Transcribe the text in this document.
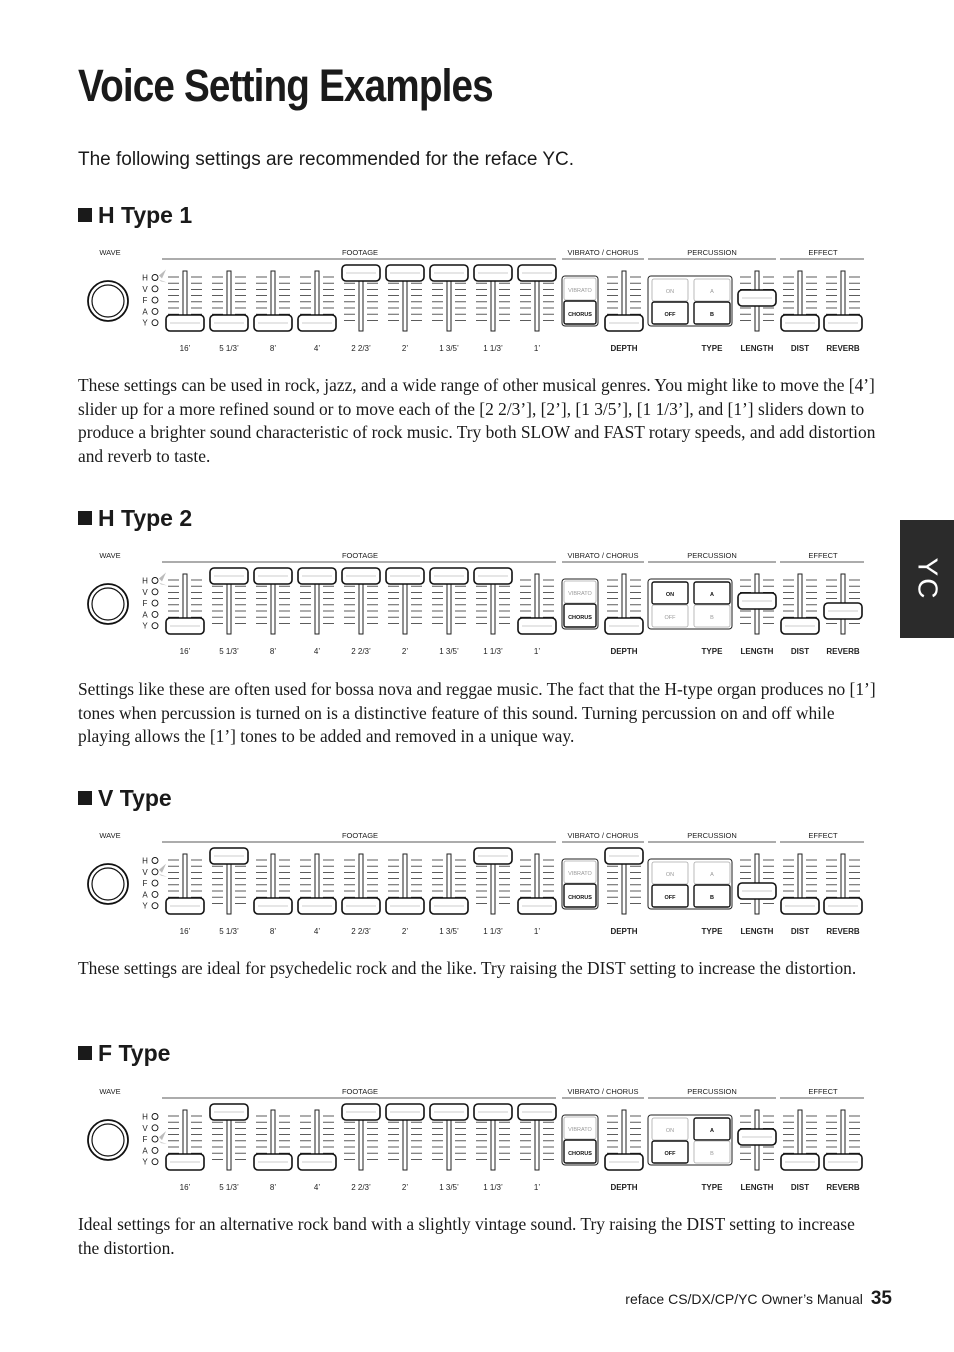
Voice Setting Examples

The following settings are recommended for the reface YC.

H Type 1
WAVE	FOOTAGE	VIBRATO / CHORUS	PERCUSSION	EFFECT
H
V
F
A
Y
16’	5 1/3’	8’	4’	2 2/3’	2’	1 3/5’	1 1/3’	1’
VIBRATO
CHORUS
DEPTH
ON
OFF
A
B
TYPE LENGTH DIST REVERB

These settings can be used in rock, jazz, and a wide range of other musical genres. You might like to move the [4’] slider up for a more refined sound or to move each of the [2 2/3’], [2’], [1 3/5’], [1 1/3’], and [1’] sliders down to produce a brighter sound characteristic of rock music. Try both SLOW and FAST rotary speeds, and add distortion and reverb to taste.

H Type 2
WAVE	FOOTAGE	VIBRATO / CHORUS	PERCUSSION	EFFECT
H
V
F
A
Y
16’	5 1/3’	8’	4’	2 2/3’	2’	1 3/5’	1 1/3’	1’
VIBRATO
CHORUS
DEPTH
ON
OFF
A
B
TYPE LENGTH DIST REVERB

Settings like these are often used for bossa nova and reggae music. The fact that the H-type organ produces no [1’] tones when percussion is turned on is a distinctive feature of this sound. Turning percussion on and off while playing allows the [1’] tones to be added and removed in a unique way.

V Type
WAVE	FOOTAGE	VIBRATO / CHORUS	PERCUSSION	EFFECT
H
V
F
A
Y
16’	5 1/3’	8’	4’	2 2/3’	2’	1 3/5’	1 1/3’	1’
VIBRATO
CHORUS
DEPTH
ON
OFF
A
B
TYPE LENGTH DIST REVERB

These settings are ideal for psychedelic rock and the like. Try raising the DIST setting to increase the distortion.

F Type
WAVE	FOOTAGE	VIBRATO / CHORUS	PERCUSSION	EFFECT
H
V
F
A
Y
16’	5 1/3’	8’	4’	2 2/3’	2’	1 3/5’	1 1/3’	1’
VIBRATO
CHORUS
DEPTH
ON
OFF
A
B
TYPE LENGTH DIST REVERB

Ideal settings for an alternative rock band with a slightly vintage sound. Try raising the DIST setting to increase the distortion.

YC
reface CS/DX/CP/YC Owner’s Manual 35
